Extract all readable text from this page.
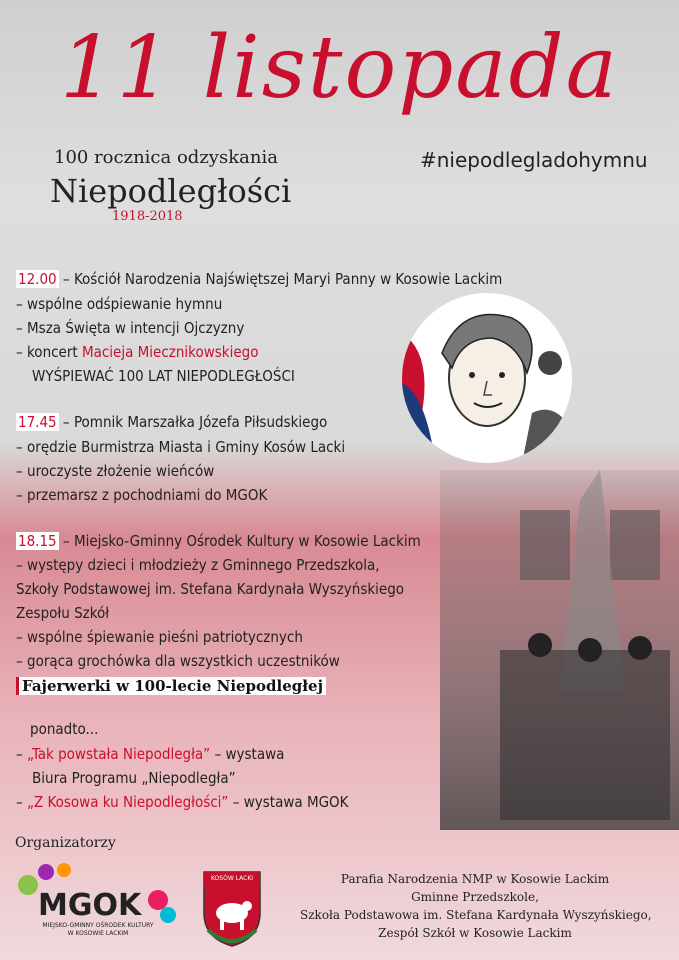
11 listopada
100 rocznica odzyskania
Niepodległości
1918-2018
#niepodlegladohymnu
12.00 – Kościół Narodzenia Najświętszej Maryi Panny w Kosowie Lackim
– wspólne odśpiewanie hymnu
– Msza Święta w intencji Ojczyzny
– koncert Macieja Miecznikowskiego
WYŚPIEWAĆ 100 LAT NIEPODLEGŁOŚCI
17.45 – Pomnik Marszałka Józefa Piłsudskiego
– orędzie Burmistrza Miasta i Gminy Kosów Lacki
– uroczyste złożenie wieńców
– przemarsz z pochodniami do MGOK
18.15 – Miejsko-Gminny Ośrodek Kultury w Kosowie Lackim
– występy dzieci i młodzieży z Gminnego Przedszkola,
Szkoły Podstawowej im. Stefana Kardynała Wyszyńskiego
Zespołu Szkół
– wspólne śpiewanie pieśni patriotycznych
– gorąca grochówka dla wszystkich uczestników
Fajerwerki w 100-lecie Niepodległej
ponadto...
– „Tak powstała Niepodległa” – wystawa
Biura Programu „Niepodległa”
– „Z Kosowa ku Niepodległości” – wystawa MGOK
Organizatorzy
MGOK
MIEJSKO-GMINNY OŚRODEK KULTURY
W KOSOWIE LACKIM
KOSÓW LACKI	Parafia Narodzenia NMP w Kosowie Lackim
Gminne Przedszkole,
Szkoła Podstawowa im. Stefana Kardynała Wyszyńskiego,
Zespół Szkół w Kosowie Lackim
